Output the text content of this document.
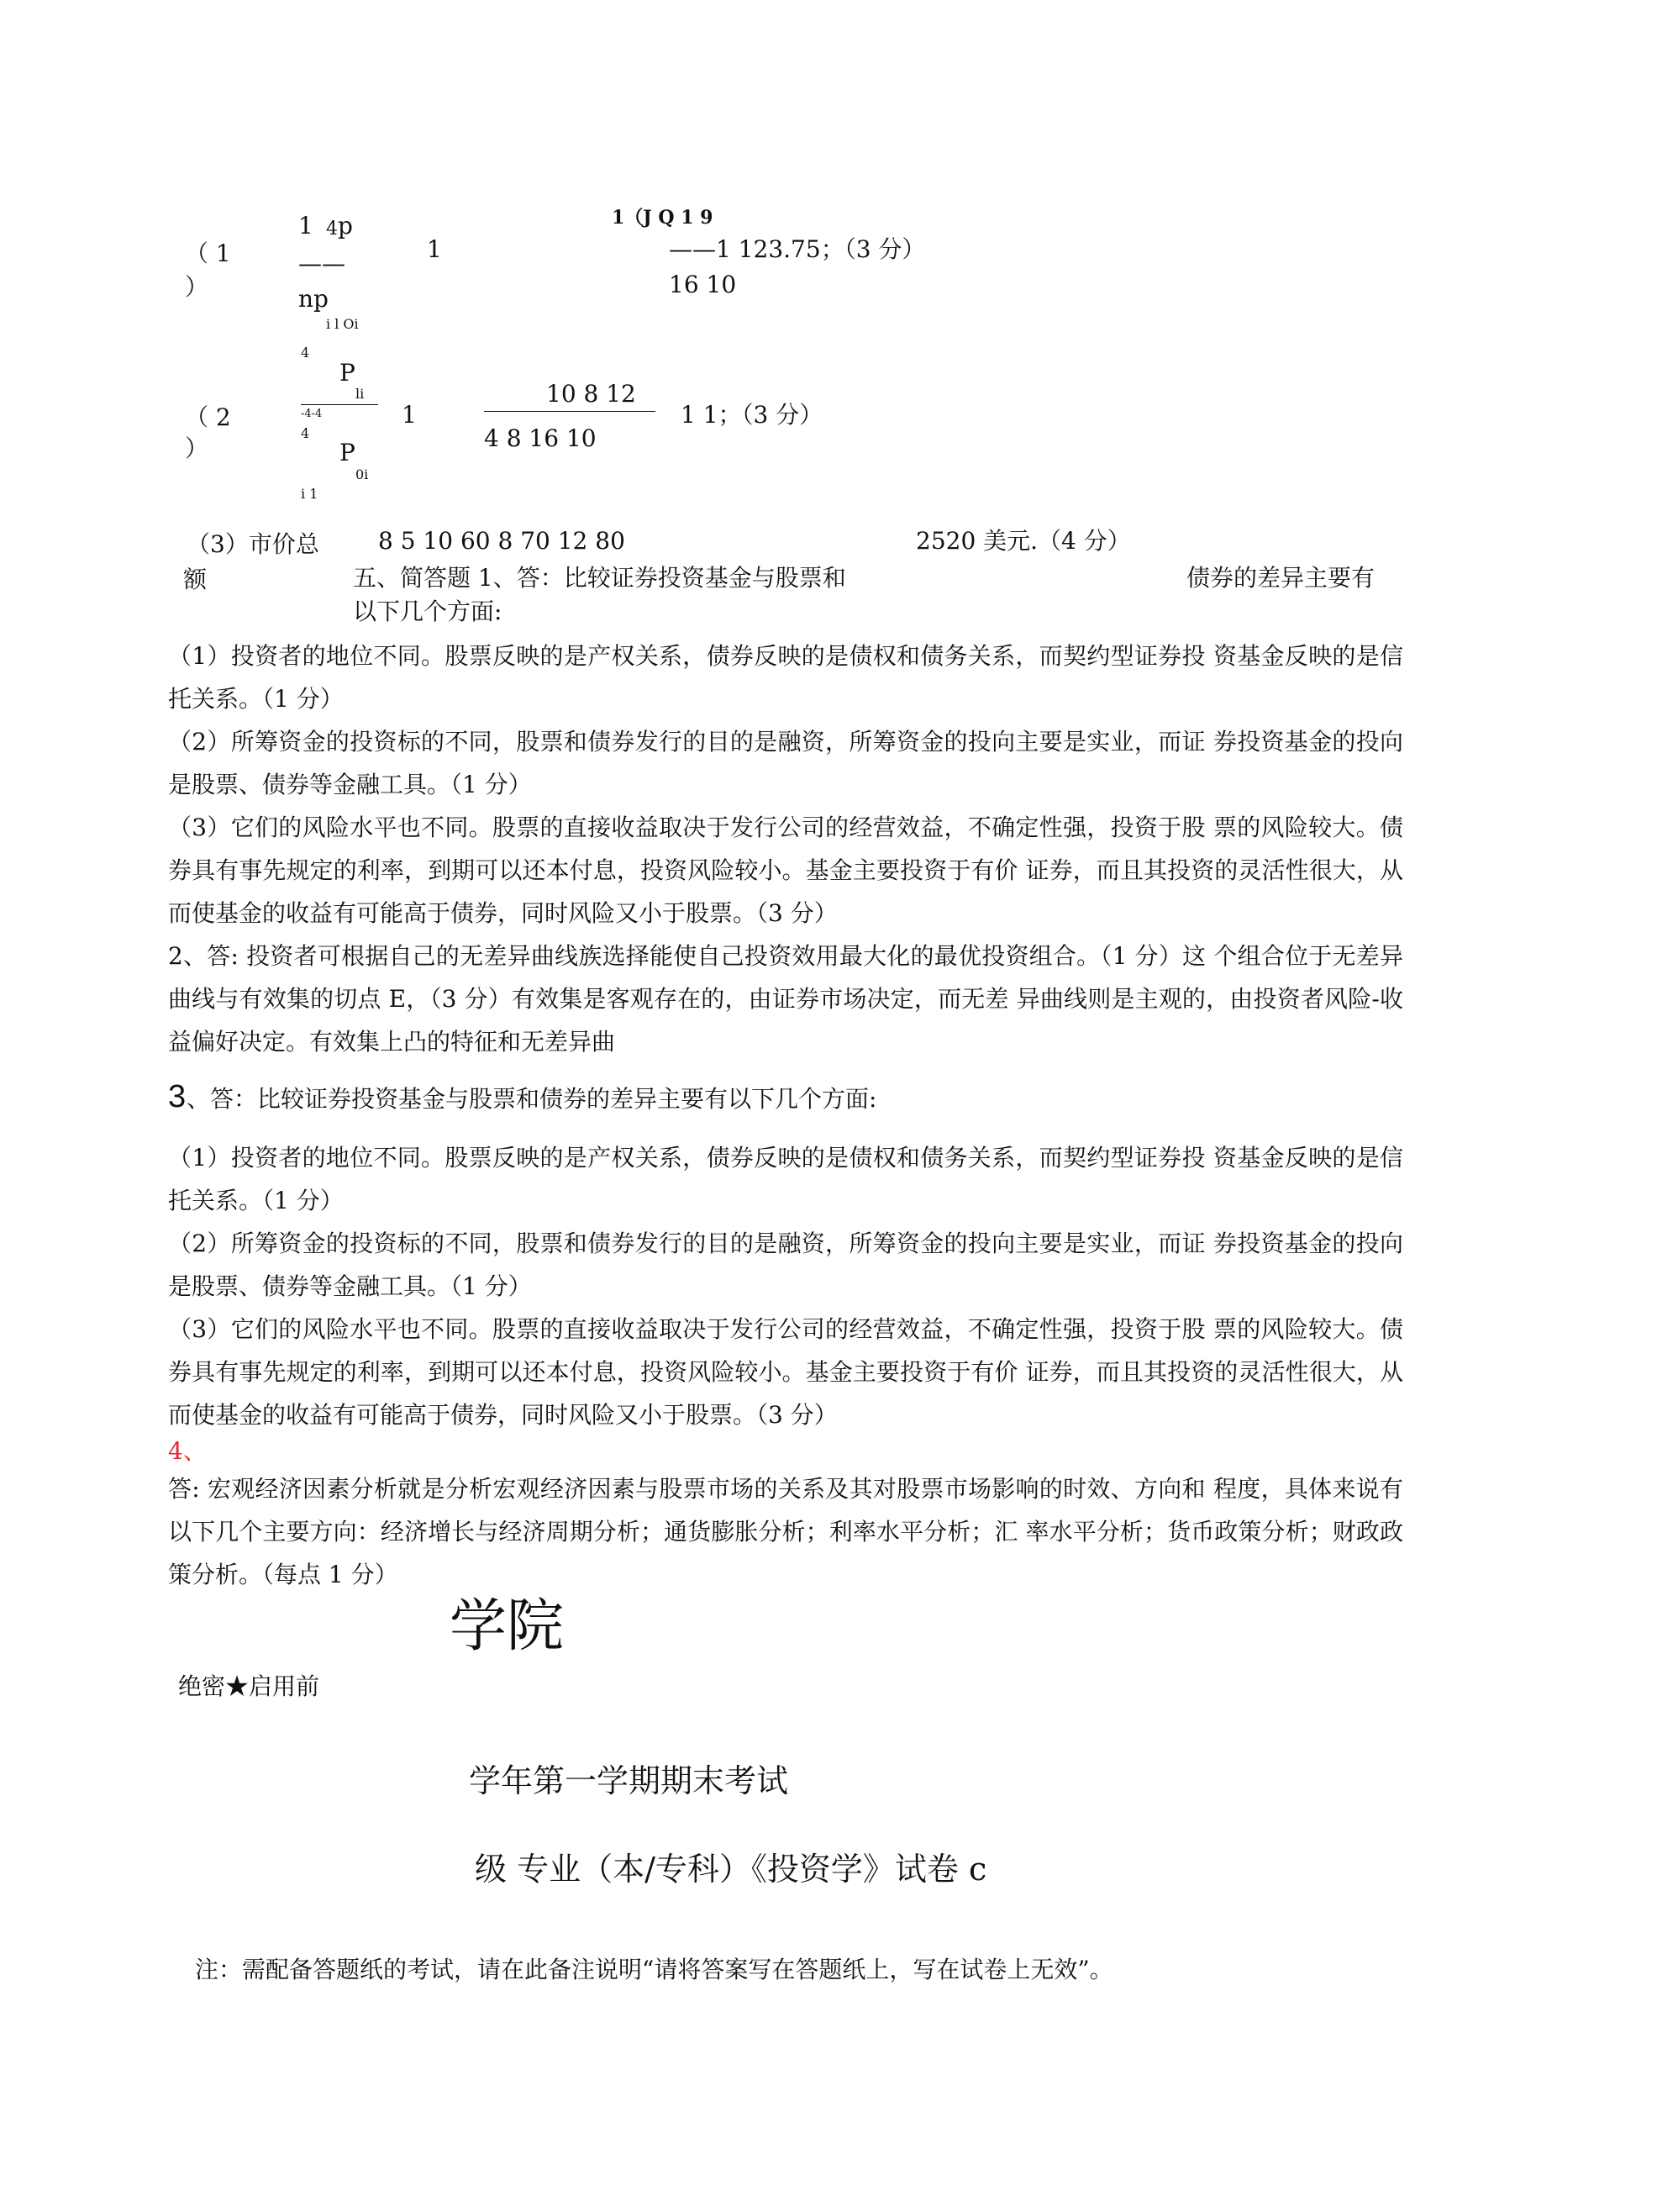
（ 1
）
1 4 p
——
np
i l Oi
1
1（J Q 1 9
——1 123.75；（3 分）
16 10
（ 2
）
4
P
li
-4-4
4
P
0i
i 1
1
10 8 12
4 8 16 10
1 1；（3 分）
（3）市价总
额
8 5 10 60 8 70 12 80	2520 美元.（4 分）
五、简答题 1、答：比较证券投资基金与股票和	债券的差异主要有
以下几个方面:
（1）投资者的地位不同。股票反映的是产权关系，债券反映的是债权和债务关系，而契约型证券投 资基金反映的是信托关系。（1 分）
（2）所筹资金的投资标的不同，股票和债券发行的目的是融资，所筹资金的投向主要是实业，而证 券投资基金的投向是股票、债券等金融工具。（1 分）
（3）它们的风险水平也不同。股票的直接收益取决于发行公司的经营效益，不确定性强，投资于股 票的风险较大。债券具有事先规定的利率，到期可以还本付息，投资风险较小。基金主要投资于有价 证券，而且其投资的灵活性很大，从而使基金的收益有可能高于债券，同时风险又小于股票。（3 分）
2、答: 投资者可根据自己的无差异曲线族选择能使自己投资效用最大化的最优投资组合。（1 分）这 个组合位于无差异曲线与有效集的切点 E，（3 分）有效集是客观存在的，由证券市场决定，而无差 异曲线则是主观的，由投资者风险-收益偏好决定。有效集上凸的特征和无差异曲
3 、答：比较证券投资基金与股票和债券的差异主要有以下几个方面:
（1）投资者的地位不同。股票反映的是产权关系，债券反映的是债权和债务关系，而契约型证券投 资基金反映的是信托关系。（1 分）
（2）所筹资金的投资标的不同，股票和债券发行的目的是融资，所筹资金的投向主要是实业，而证 券投资基金的投向是股票、债券等金融工具。（1 分）
（3）它们的风险水平也不同。股票的直接收益取决于发行公司的经营效益，不确定性强，投资于股 票的风险较大。债券具有事先规定的利率，到期可以还本付息，投资风险较小。基金主要投资于有价 证券，而且其投资的灵活性很大，从而使基金的收益有可能高于债券，同时风险又小于股票。（3 分）
4、
答: 宏观经济因素分析就是分析宏观经济因素与股票市场的关系及其对股票市场影响的时效、方向和 程度，具体来说有以下几个主要方向：经济增长与经济周期分析；通货膨胀分析；利率水平分析；汇 率水平分析；货币政策分析；财政政策分析。（每点 1 分）
学院
绝密★启用前
学年第一学期期末考试
级 专业（本/专科）《投资学》试卷 c
注：需配备答题纸的考试，请在此备注说明“请将答案写在答题纸上，写在试卷上无效”。
